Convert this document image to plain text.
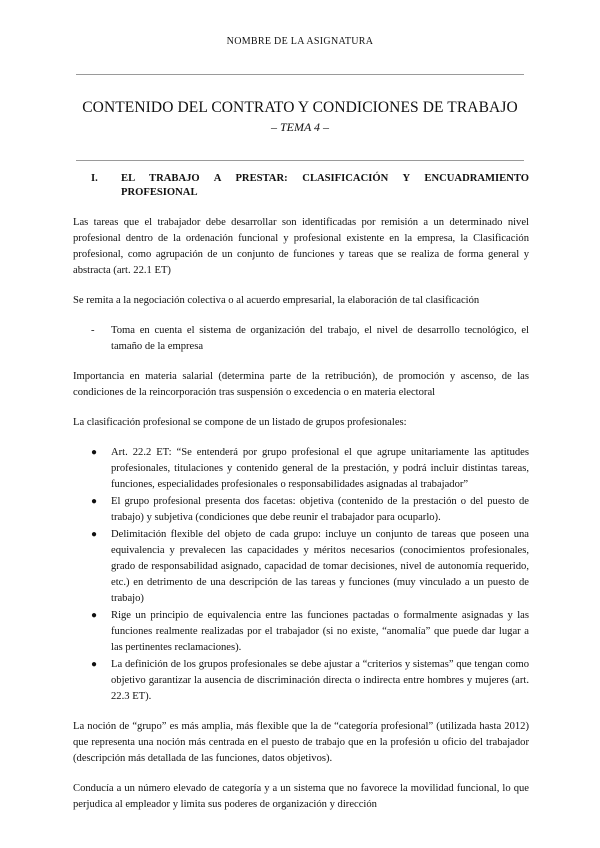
NOMBRE DE LA ASIGNATURA
CONTENIDO DEL CONTRATO Y CONDICIONES DE TRABAJO
– TEMA 4 –
I.	EL TRABAJO A PRESTAR: CLASIFICACIÓN Y ENCUADRAMIENTO PROFESIONAL

Las tareas que el trabajador debe desarrollar son identificadas por remisión a un determinado nivel profesional dentro de la ordenación funcional y profesional existente en la empresa, la Clasificación profesional, como agrupación de un conjunto de funciones y tareas que se realiza de forma general y abstracta (art. 22.1 ET)

Se remita a la negociación colectiva o al acuerdo empresarial, la elaboración de tal clasificación

- Toma en cuenta el sistema de organización del trabajo, el nivel de desarrollo tecnológico, el tamaño de la empresa

Importancia en materia salarial (determina parte de la retribución), de promoción y ascenso, de las condiciones de la reincorporación tras suspensión o excedencia o en materia electoral

La clasificación profesional se compone de un listado de grupos profesionales:

● Art. 22.2 ET: “Se entenderá por grupo profesional el que agrupe unitariamente las aptitudes profesionales, titulaciones y contenido general de la prestación, y podrá incluir distintas tareas, funciones, especialidades profesionales o responsabilidades asignadas al trabajador”
● El grupo profesional presenta dos facetas: objetiva (contenido de la prestación o del puesto de trabajo) y subjetiva (condiciones que debe reunir el trabajador para ocuparlo).
● Delimitación flexible del objeto de cada grupo: incluye un conjunto de tareas que poseen una equivalencia y prevalecen las capacidades y méritos necesarios (conocimientos profesionales, grado de responsabilidad asignado, capacidad de tomar decisiones, nivel de autonomía requerido, etc.) en detrimento de una descripción de las tareas y funciones (muy vinculado a un puesto de trabajo)
● Rige un principio de equivalencia entre las funciones pactadas o formalmente asignadas y las funciones realmente realizadas por el trabajador (si no existe, “anomalía” que puede dar lugar a las pertinentes reclamaciones).
● La definición de los grupos profesionales se debe ajustar a “criterios y sistemas” que tengan como objetivo garantizar la ausencia de discriminación directa o indirecta entre hombres y mujeres (art. 22.3 ET).

La noción de “grupo” es más amplia, más flexible que la de “categoría profesional” (utilizada hasta 2012) que representa una noción más centrada en el puesto de trabajo que en la profesión u oficio del trabajador (descripción más detallada de las funciones, datos objetivos).

Conducía a un número elevado de categoría y a un sistema que no favorece la movilidad funcional, lo que perjudica al empleador y limita sus poderes de organización y dirección
